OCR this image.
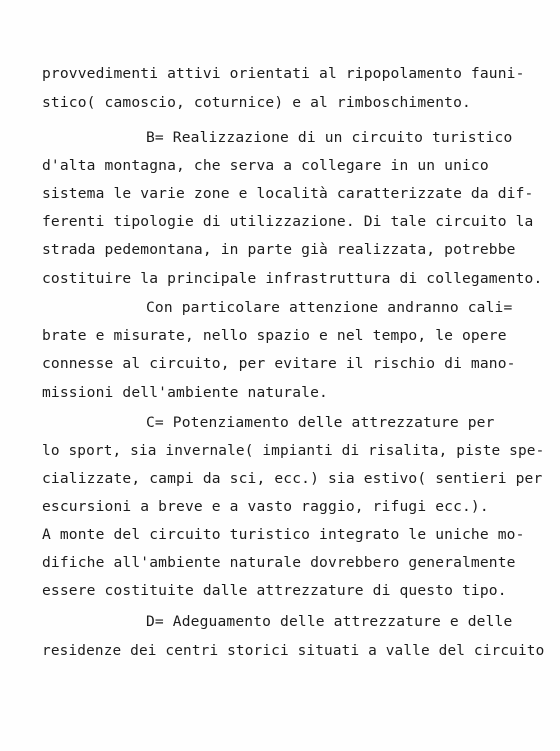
provvedimenti attivi orientati al ripopolamento fauni-
stico( camoscio, coturnice) e al rimboschimento.
B= Realizzazione di un circuito turistico
d'alta montagna, che serva a collegare in un unico
sistema le varie zone e località caratterizzate da dif-
ferenti tipologie di utilizzazione. Di tale circuito la
strada pedemontana, in parte già realizzata, potrebbe
costituire la principale infrastruttura di collegamento.
Con particolare attenzione andranno cali=
brate e misurate, nello spazio e nel tempo, le opere
connesse al circuito, per evitare il rischio di mano-
missioni dell'ambiente naturale.
C= Potenziamento delle attrezzature per
lo sport, sia invernale( impianti di risalita, piste spe-
cializzate, campi da sci, ecc.) sia estivo( sentieri per
escursioni a breve e a vasto raggio, rifugi ecc.).
A monte del circuito turistico integrato le uniche mo-
difiche all'ambiente naturale dovrebbero generalmente
essere costituite dalle attrezzature di questo tipo.
D= Adeguamento delle attrezzature e delle
residenze dei centri storici situati a valle del circuito
